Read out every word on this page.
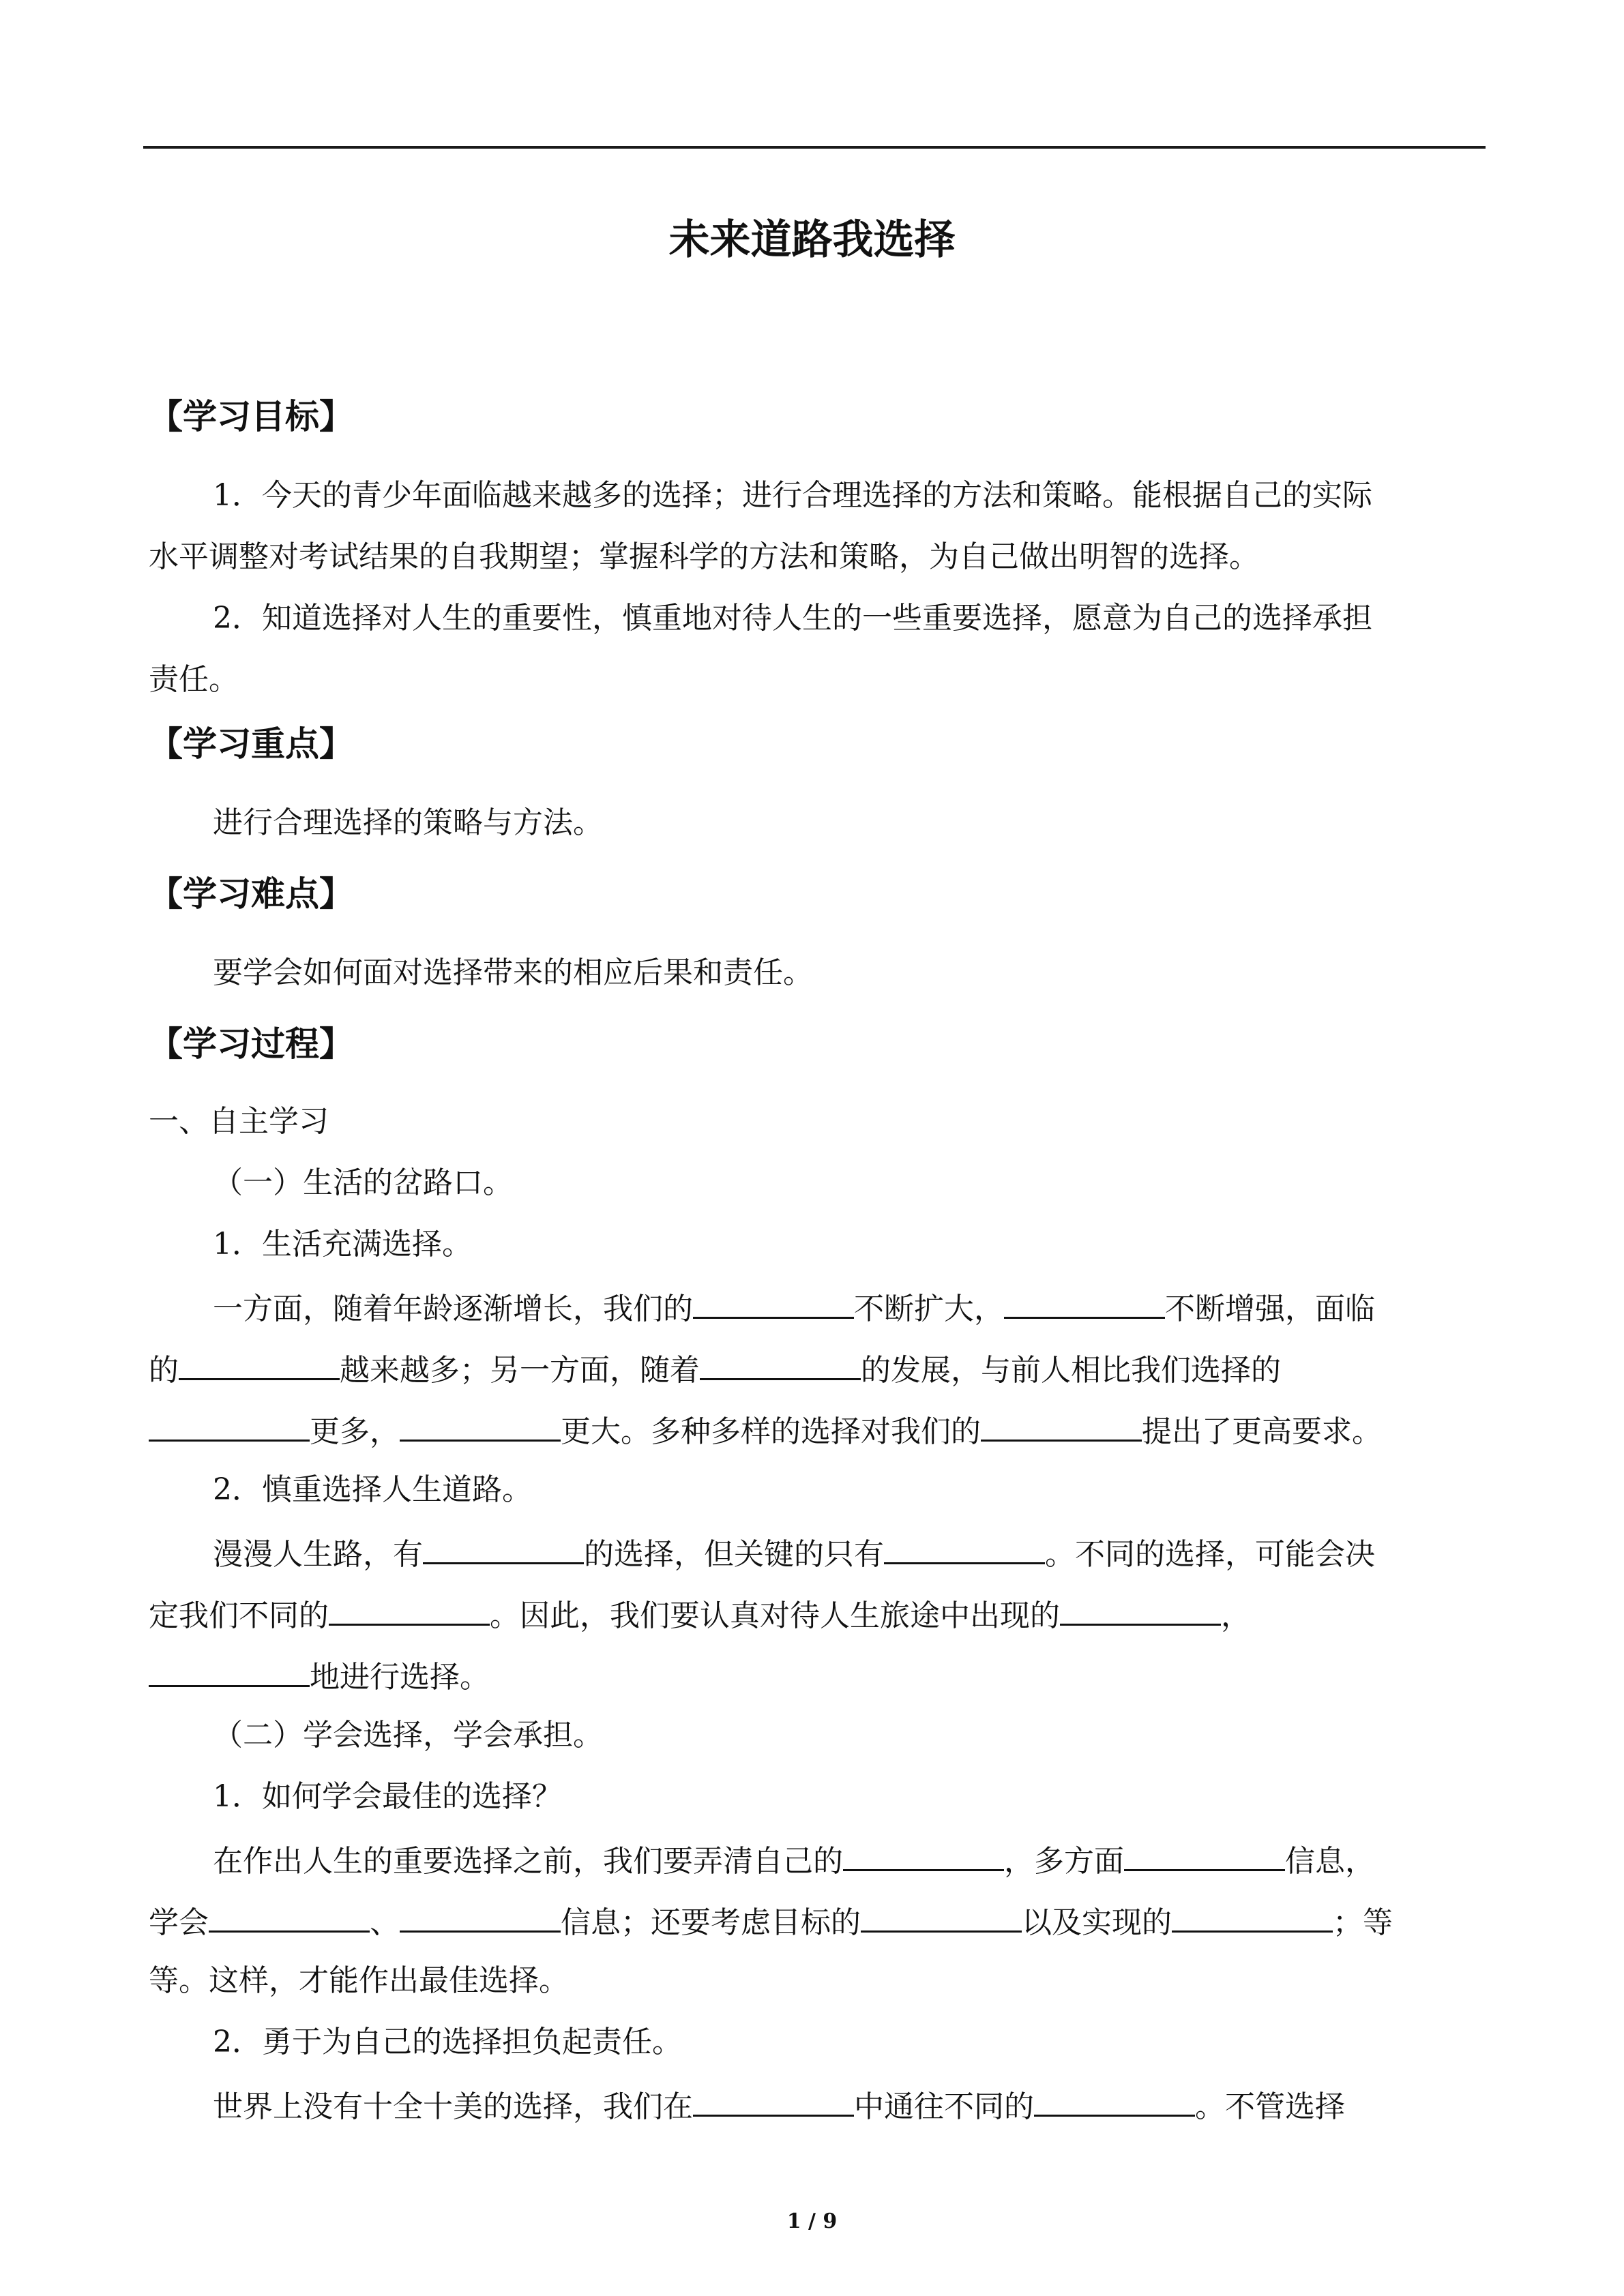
未来道路我选择
【学习目标】
1．今天的青少年面临越来越多的选择；进行合理选择的方法和策略。能根据自己的实际
水平调整对考试结果的自我期望；掌握科学的方法和策略，为自己做出明智的选择。
2．知道选择对人生的重要性，慎重地对待人生的一些重要选择，愿意为自己的选择承担
责任。
【学习重点】
进行合理选择的策略与方法。
【学习难点】
要学会如何面对选择带来的相应后果和责任。
【学习过程】
一、自主学习
（一）生活的岔路口。
1．生活充满选择。
一方面，随着年龄逐渐增长，我们的	不断扩大，	不断增强，面临
的	越来越多；另一方面，随着	的发展，与前人相比我们选择的
更多，	更大。多种多样的选择对我们的	提出了更高要求。
2．慎重选择人生道路。
漫漫人生路，有	的选择，但关键的只有	。不同的选择，可能会决
定我们不同的	。因此，我们要认真对待人生旅途中出现的	，
地进行选择。
（二）学会选择，学会承担。
1．如何学会最佳的选择？
在作出人生的重要选择之前，我们要弄清自己的	，多方面	信息，
学会	、	信息；还要考虑目标的	以及实现的	；等
等。这样，才能作出最佳选择。
2．勇于为自己的选择担负起责任。
世界上没有十全十美的选择，我们在	中通往不同的	。不管选择
1 / 9
